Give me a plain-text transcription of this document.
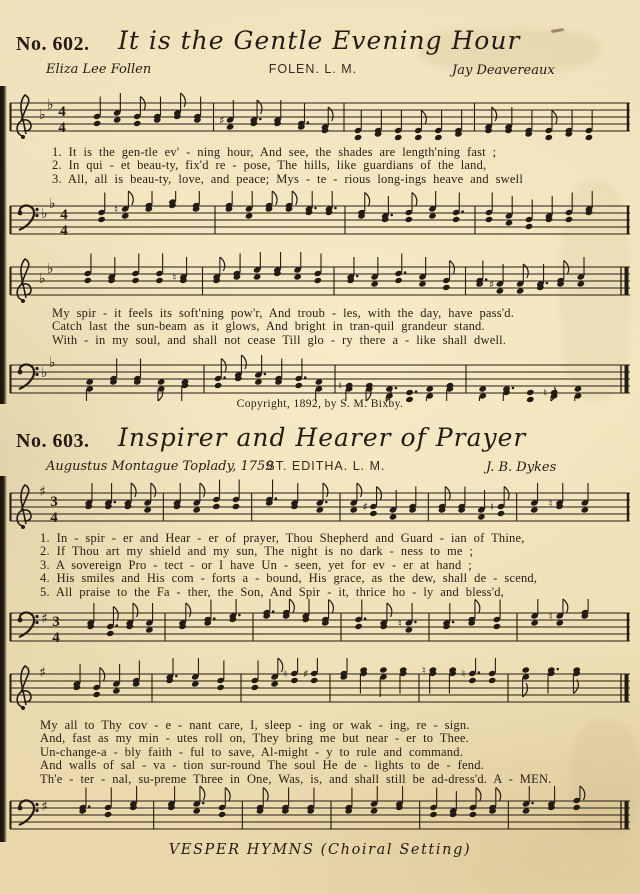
No. 602. It is the Gentle Evening Hour
Eliza Lee Follen	FOLEN. L. M.	Jay Deavereaux
♭
♭ 4
4	♯
1. It is the gen-tle ev' - ning hour, And see, the shades are length'ning fast ;
2. In qui - et beau-ty, fix'd re - pose, The hills, like guardians of the land,
3. All, all is beau-ty, love, and peace; Mys - te - rious long-ings heave and swell
♭
♭
4
4
♮
♭
♭
♮
♯
My spir - it feels its soft'ning pow'r, And troub - les, with the day, have pass'd.
Catch last the sun-beam as it glows, And bright in tran-quil grandeur stand.
With - in my soul, and shall not cease Till glo - ry there a - like shall dwell.
♭
♭
♮
♮
Copyright, 1892, by S. M. Bixby.
No. 603. Inspirer and Hearer of Prayer
Augustus Montague Toplady, 1759
ST. EDITHA. L. M.	J. B. Dykes
♯
3
4
♯	♮	♮
1. In - spir - er and Hear - er of prayer, Thou Shepherd and Guard - ian of Thine,
2. If Thou art my shield and my sun, The night is no dark - ness to me ;
3. A sovereign Pro - tect - or I have Un - seen, yet for ev - er at hand ;
4. His smiles and His com - forts a - bound, His grace, as the dew, shall de - scend,
5. All praise to the Fa - ther, the Son, And Spir - it, thrice ho - ly and bless'd,
♯ 3
4
♮
♮
♯	♮ ♯	♮	♮
My all to Thy cov - e - nant care, I, sleep - ing or wak - ing, re - sign.
And, fast as my min - utes roll on, They bring me but near - er to Thee.
Un-change-a - bly faith - ful to save, Al-might - y to rule and command.
And walls of sal - va - tion sur-round The soul He de - lights to de - fend.
Th'e - ter - nal, su-preme Three in One, Was, is, and shall still be ad-dress'd. A - MEN.
♯
VESPER HYMNS (Choiral Setting)
